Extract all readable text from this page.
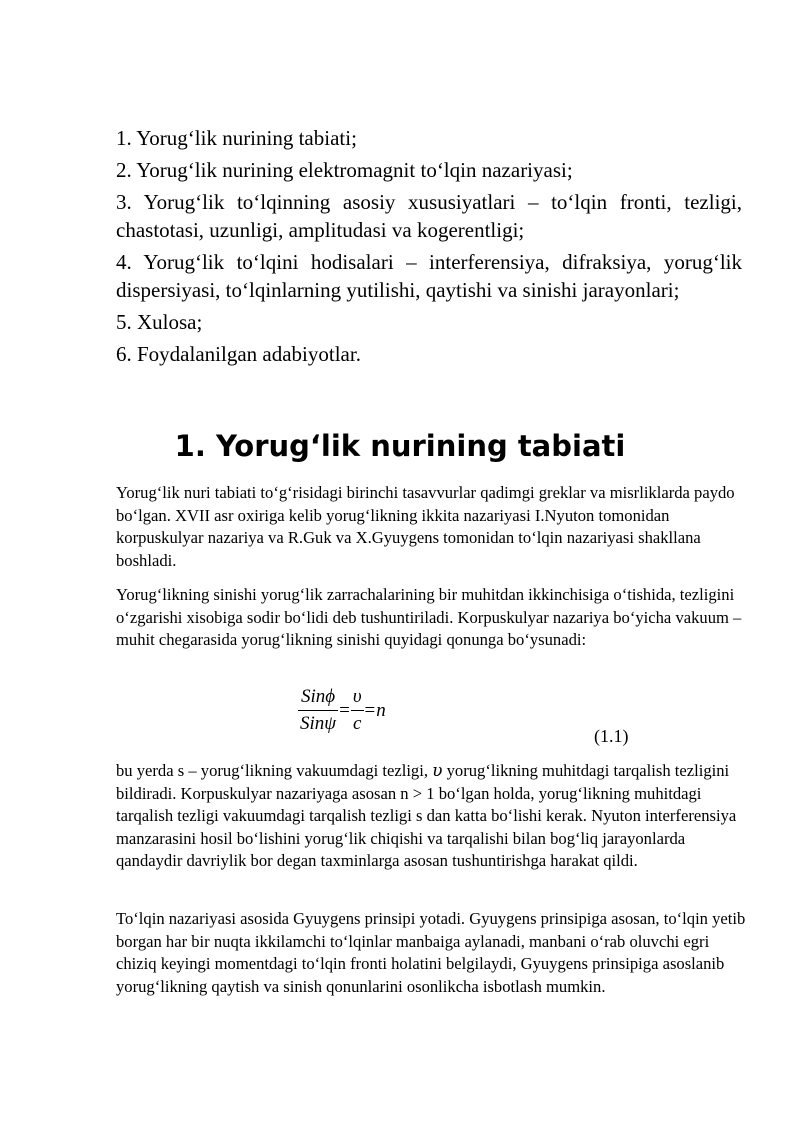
1. Yorug‘lik nurining tabiati;
2. Yorug‘lik nurining elektromagnit to‘lqin nazariyasi;
3. Yorug‘lik to‘lqinning asosiy xususiyatlari – to‘lqin fronti, tezligi, chastotasi, uzunligi, amplitudasi va kogerentligi;
4. Yorug‘lik to‘lqini hodisalari – interferensiya, difraksiya, yorug‘lik dispersiyasi, to‘lqinlarning yutilishi, qaytishi va sinishi jarayonlari;
5. Xulosa;
6. Foydalanilgan adabiyotlar.
1. Yorug‘lik nurining tabiati
Yorug‘lik nuri tabiati to‘g‘risidagi birinchi tasavvurlar qadimgi greklar va misrliklarda paydo bo‘lgan. XVII asr oxiriga kelib yorug‘likning ikkita nazariyasi I.Nyuton tomonidan korpuskulyar nazariya va R.Guk va X.Gyuygens tomonidan to‘lqin nazariyasi shakllana boshladi.
Yorug‘likning sinishi yorug‘lik zarrachalarining bir muhitdan ikkinchisiga o‘tishida, tezligini o‘zgarishi xisobiga sodir bo‘lidi deb tushuntiriladi. Korpuskulyar nazariya bo‘yicha vakuum – muhit chegarasida yorug‘likning sinishi quyidagi qonunga bo‘ysunadi:
$\frac{\text{Sinϕ}}{\text{Sinψ}} = \frac{\upsilon}{c} =n$
(1.1)
bu yerda s – yorug‘likning vakuumdagi tezligi, υ yorug‘likning muhitdagi tarqalish tezligini bildiradi. Korpuskulyar nazariyaga asosan n > 1 bo‘lgan holda, yorug‘likning muhitdagi tarqalish tezligi vakuumdagi tarqalish tezligi s dan katta bo‘lishi kerak. Nyuton interferensiya manzarasini hosil bo‘lishini yorug‘lik chiqishi va tarqalishi bilan bog‘liq jarayonlarda qandaydir davriylik bor degan taxminlarga asosan tushuntirishga harakat qildi.
To‘lqin nazariyasi asosida Gyuygens prinsipi yotadi. Gyuygens prinsipiga asosan, to‘lqin yetib borgan har bir nuqta ikkilamchi to‘lqinlar manbaiga aylanadi, manbani o‘rab oluvchi egri chiziq keyingi momentdagi to‘lqin fronti holatini belgilaydi, Gyuygens prinsipiga asoslanib yorug‘likning qaytish va sinish qonunlarini osonlikcha isbotlash mumkin.
